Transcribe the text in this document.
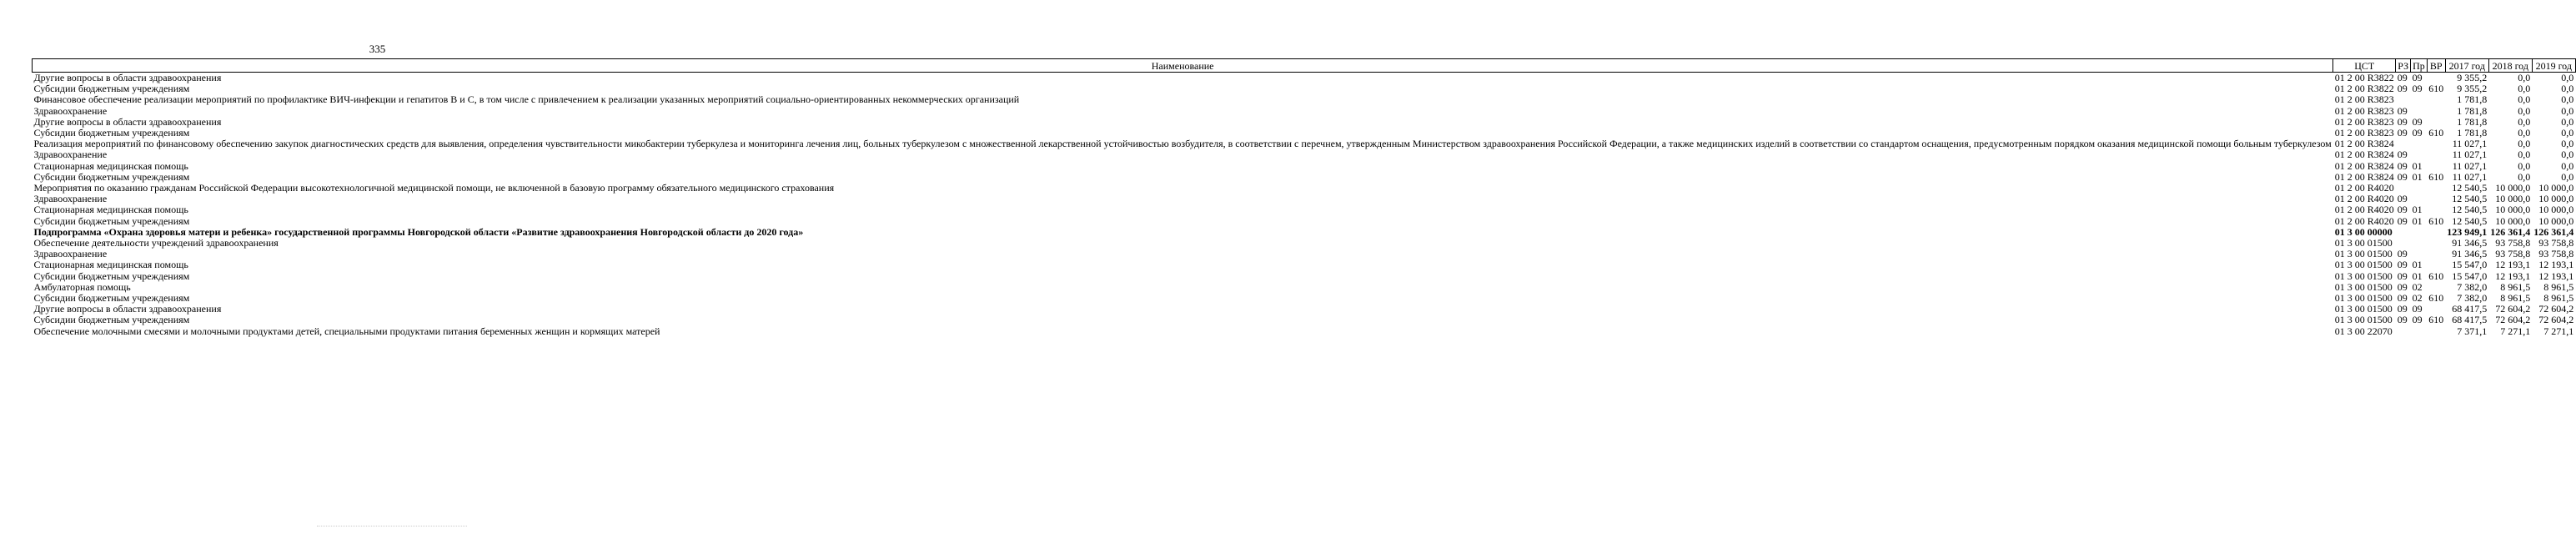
335
Наименование	ЦСТ	РЗ	Пр	ВР	2017 год	2018 год	2019 год
Другие вопросы в области здравоохранения	01 2 00 R3822	09	09		9 355,2	0,0	0,0
Субсидии бюджетным учреждениям	01 2 00 R3822	09	09	610	9 355,2	0,0	0,0
Финансовое обеспечение реализации мероприятий по профилактике ВИЧ-инфекции и гепатитов В и С, в том числе с привлечением к реализации указанных мероприятий социально-ориентированных некоммерческих организаций	01 2 00 R3823				1 781,8	0,0	0,0
Здравоохранение	01 2 00 R3823	09			1 781,8	0,0	0,0
Другие вопросы в области здравоохранения	01 2 00 R3823	09	09		1 781,8	0,0	0,0
Субсидии бюджетным учреждениям	01 2 00 R3823	09	09	610	1 781,8	0,0	0,0
Реализация мероприятий по финансовому обеспечению закупок диагностических средств для выявления, определения чувствительности микобактерии туберкулеза и мониторинга лечения лиц, больных туберкулезом с множественной лекарственной устойчивостью возбудителя, в соответствии с перечнем, утвержденным Министерством здравоохранения Российской Федерации, а также медицинских изделий в соответствии со стандартом оснащения, предусмотренным порядком оказания медицинской помощи больным туберкулезом	01 2 00 R3824				11 027,1	0,0	0,0
Здравоохранение	01 2 00 R3824	09			11 027,1	0,0	0,0
Стационарная медицинская помощь	01 2 00 R3824	09	01		11 027,1	0,0	0,0
Субсидии бюджетным учреждениям	01 2 00 R3824	09	01	610	11 027,1	0,0	0,0
Мероприятия по оказанию гражданам Российской Федерации высокотехнологичной медицинской помощи, не включенной в базовую программу обязательного медицинского страхования	01 2 00 R4020				12 540,5	10 000,0	10 000,0
Здравоохранение	01 2 00 R4020	09			12 540,5	10 000,0	10 000,0
Стационарная медицинская помощь	01 2 00 R4020	09	01		12 540,5	10 000,0	10 000,0
Субсидии бюджетным учреждениям	01 2 00 R4020	09	01	610	12 540,5	10 000,0	10 000,0
Подпрограмма «Охрана здоровья матери и ребенка» государственной программы Новгородской области «Развитие здравоохранения Новгородской области до 2020 года»	01 3 00 00000				123 949,1	126 361,4	126 361,4
Обеспечение деятельности учреждений здравоохранения	01 3 00 01500				91 346,5	93 758,8	93 758,8
Здравоохранение	01 3 00 01500	09			91 346,5	93 758,8	93 758,8
Стационарная медицинская помощь	01 3 00 01500	09	01		15 547,0	12 193,1	12 193,1
Субсидии бюджетным учреждениям	01 3 00 01500	09	01	610	15 547,0	12 193,1	12 193,1
Амбулаторная помощь	01 3 00 01500	09	02		7 382,0	8 961,5	8 961,5
Субсидии бюджетным учреждениям	01 3 00 01500	09	02	610	7 382,0	8 961,5	8 961,5
Другие вопросы в области здравоохранения	01 3 00 01500	09	09		68 417,5	72 604,2	72 604,2
Субсидии бюджетным учреждениям	01 3 00 01500	09	09	610	68 417,5	72 604,2	72 604,2
Обеспечение молочными смесями и молочными продуктами детей, специальными продуктами питания беременных женщин и кормящих матерей	01 3 00 22070				7 371,1	7 271,1	7 271,1
